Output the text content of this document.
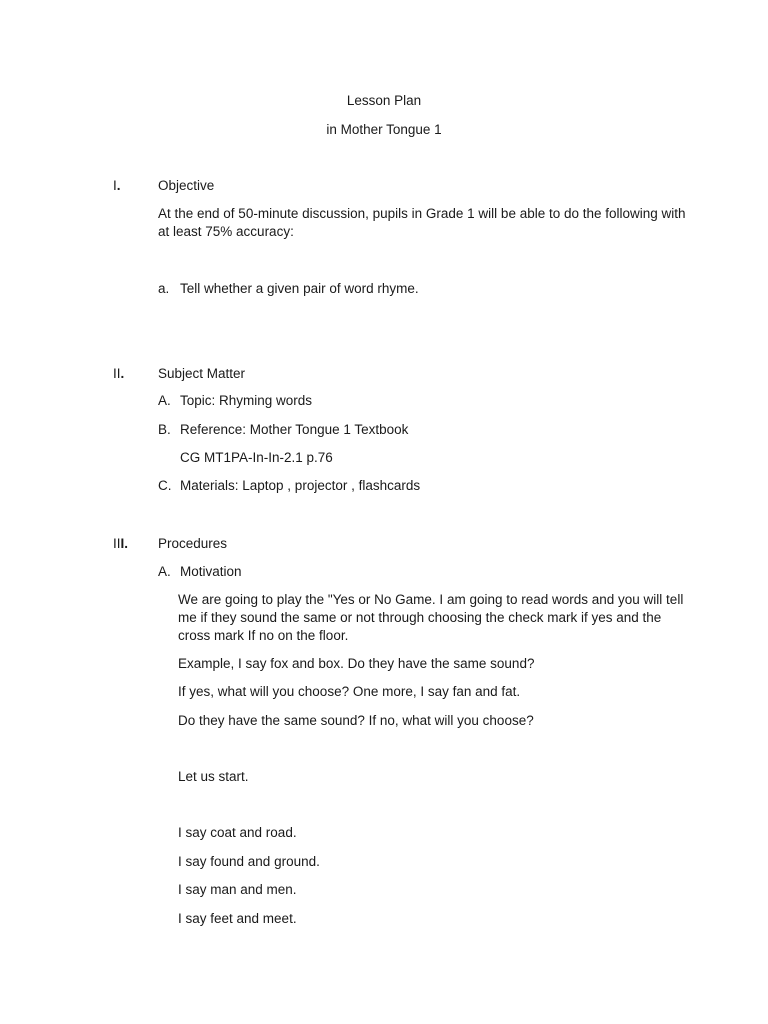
Lesson Plan
in Mother Tongue 1
I.	Objective
At the end of 50-minute discussion, pupils in Grade 1 will be able to do the following with at least 75% accuracy:
a. Tell whether a given pair of word rhyme.
II. Subject Matter
A. Topic: Rhyming words
B. Reference: Mother Tongue 1 Textbook
CG MT1PA-In-In-2.1 p.76
C. Materials: Laptop , projector , flashcards
III. Procedures
A. Motivation
We are going to play the "Yes or No Game. I am going to read words and you will tell me if they sound the same or not through choosing the check mark if yes and the cross mark If no on the floor.
Example, I say fox and box. Do they have the same sound?
If yes, what will you choose? One more, I say fan and fat.
Do they have the same sound? If no, what will you choose?
Let us start.
I say coat and road.
I say found and ground.
I say man and men.
I say feet and meet.
